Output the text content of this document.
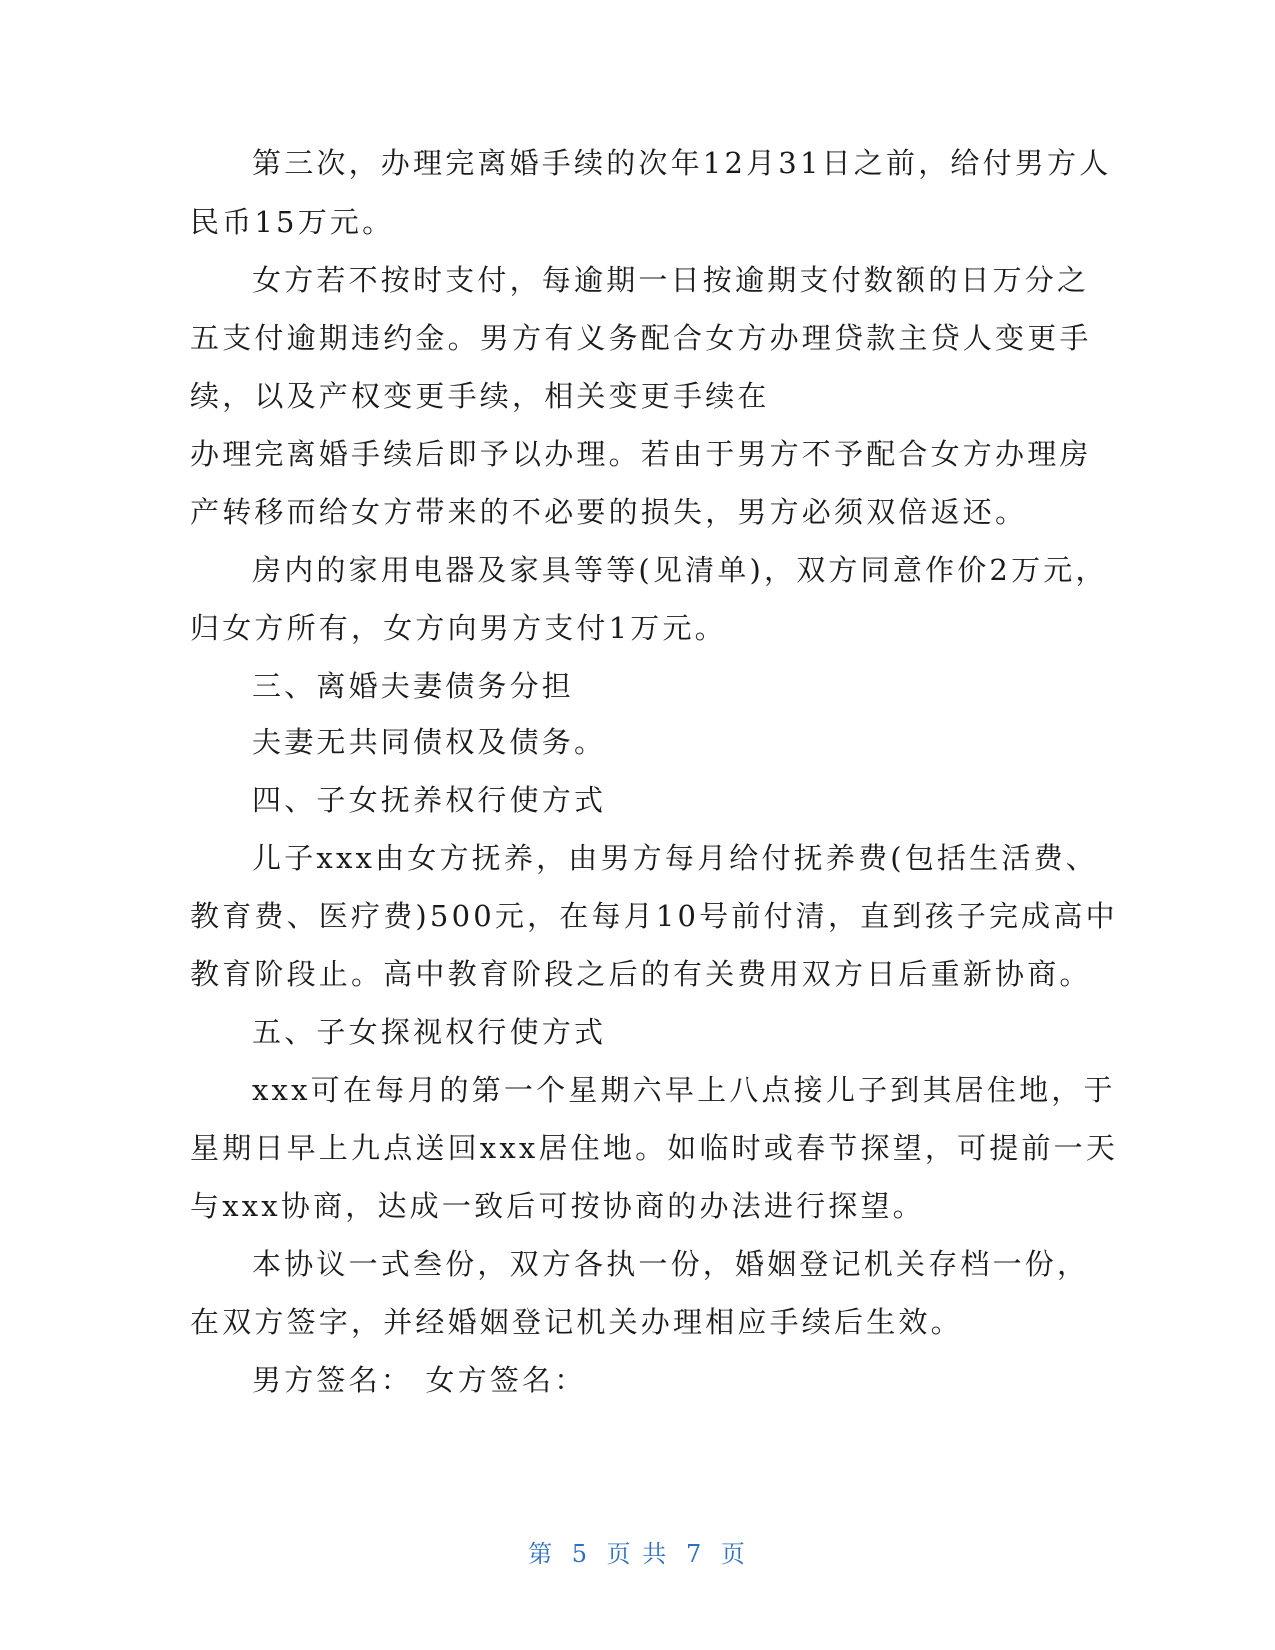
第三次，办理完离婚手续的次年12月31日之前，给付男方人
民币15万元。
女方若不按时支付，每逾期一日按逾期支付数额的日万分之
五支付逾期违约金。男方有义务配合女方办理贷款主贷人变更手
续，以及产权变更手续，相关变更手续在
办理完离婚手续后即予以办理。若由于男方不予配合女方办理房
产转移而给女方带来的不必要的损失，男方必须双倍返还。
房内的家用电器及家具等等(见清单)，双方同意作价2万元，
归女方所有，女方向男方支付1万元。
三、离婚夫妻债务分担
夫妻无共同债权及债务。
四、子女抚养权行使方式
儿子xxx由女方抚养，由男方每月给付抚养费(包括生活费、
教育费、医疗费)500元，在每月10号前付清，直到孩子完成高中
教育阶段止。高中教育阶段之后的有关费用双方日后重新协商。
五、子女探视权行使方式
xxx可在每月的第一个星期六早上八点接儿子到其居住地，于
星期日早上九点送回xxx居住地。如临时或春节探望，可提前一天
与xxx协商，达成一致后可按协商的办法进行探望。
本协议一式叁份，双方各执一份，婚姻登记机关存档一份，
在双方签字，并经婚姻登记机关办理相应手续后生效。
男方签名： 女方签名：
第 5 页 共 7 页
